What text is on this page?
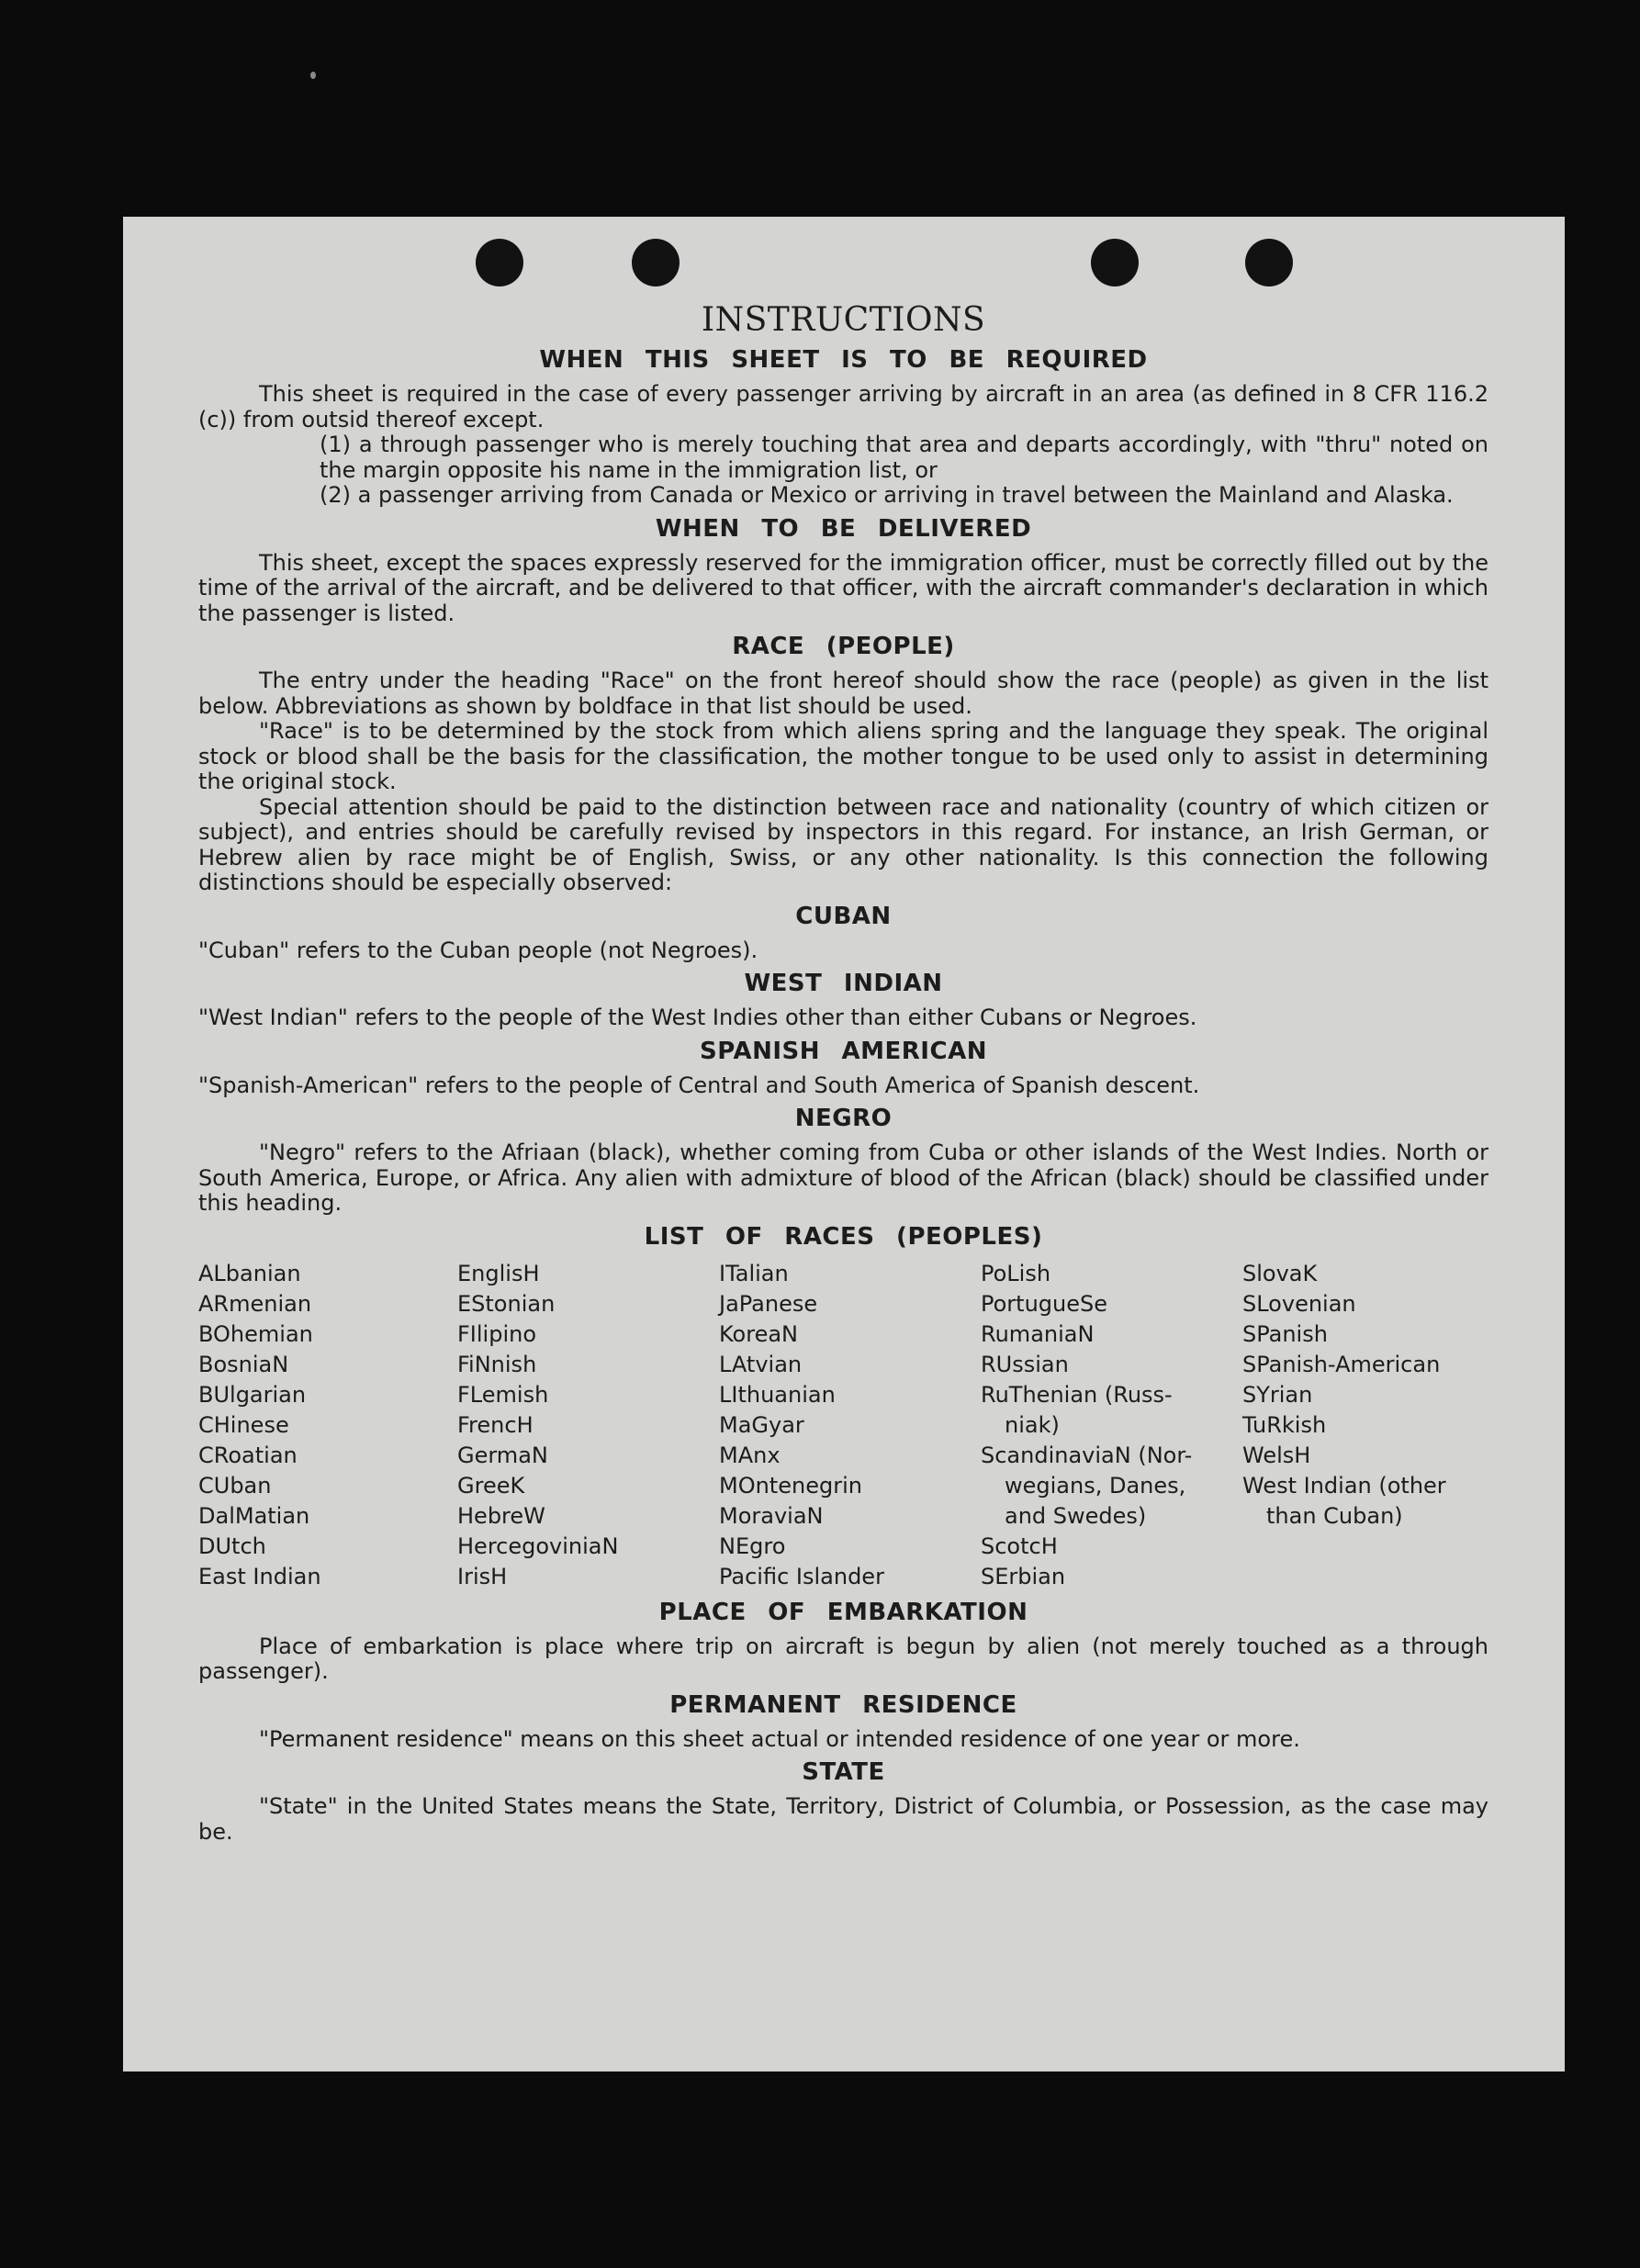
INSTRUCTIONS
WHEN THIS SHEET IS TO BE REQUIRED

This sheet is required in the case of every passenger arriving by aircraft in an area (as defined in 8 CFR 116.2 (c)) from outsid thereof except.

(1) a through passenger who is merely touching that area and departs accordingly, with "thru" noted on the margin opposite his name in the immigration list, or
(2) a passenger arriving from Canada or Mexico or arriving in travel between the Mainland and Alaska.
WHEN TO BE DELIVERED

This sheet, except the spaces expressly reserved for the immigration officer, must be correctly filled out by the time of the arrival of the aircraft, and be delivered to that officer, with the aircraft commander's declaration in which the passenger is listed.

RACE (PEOPLE)

The entry under the heading "Race" on the front hereof should show the race (people) as given in the list below. Abbreviations as shown by boldface in that list should be used.

"Race" is to be determined by the stock from which aliens spring and the language they speak. The original stock or blood shall be the basis for the classification, the mother tongue to be used only to assist in determining the original stock.

Special attention should be paid to the distinction between race and nationality (country of which citizen or subject), and entries should be carefully revised by inspectors in this regard. For instance, an Irish German, or Hebrew alien by race might be of English, Swiss, or any other nationality. Is this connection the following distinctions should be especially observed:

CUBAN

"Cuban" refers to the Cuban people (not Negroes).

WEST INDIAN

"West Indian" refers to the people of the West Indies other than either Cubans or Negroes.

SPANISH AMERICAN

"Spanish-American" refers to the people of Central and South America of Spanish descent.

NEGRO

"Negro" refers to the Afriaan (black), whether coming from Cuba or other islands of the West Indies. North or South America, Europe, or Africa. Any alien with admixture of blood of the African (black) should be classified under this heading.

LIST OF RACES (PEOPLES)
ALbanian
ARmenian
BOhemian
BosniaN
BUlgarian
CHinese
CRoatian
CUban
DalMatian
DUtch
East Indian
EnglisH
EStonian
FIlipino
FiNnish
FLemish
FrencH
GermaN
GreeK
HebreW
HercegoviniaN
IrisH
ITalian
JaPanese
KoreaN
LAtvian
LIthuanian
MaGyar
MAnx
MOntenegrin
MoraviaN
NEgro
Pacific Islander
PoLish
PortugueSe
RumaniaN
RUssian
RuThenian (Russ-
niak)
ScandinaviaN (Nor-
wegians, Danes,
and Swedes)
ScotcH
SErbian
SlovaK
SLovenian
SPanish
SPanish-American
SYrian
TuRkish
WelsH
West Indian (other
than Cuban)
PLACE OF EMBARKATION

Place of embarkation is place where trip on aircraft is begun by alien (not merely touched as a through passenger).

PERMANENT RESIDENCE

"Permanent residence" means on this sheet actual or intended residence of one year or more.

STATE

"State" in the United States means the State, Territory, District of Columbia, or Possession, as the case may be.
